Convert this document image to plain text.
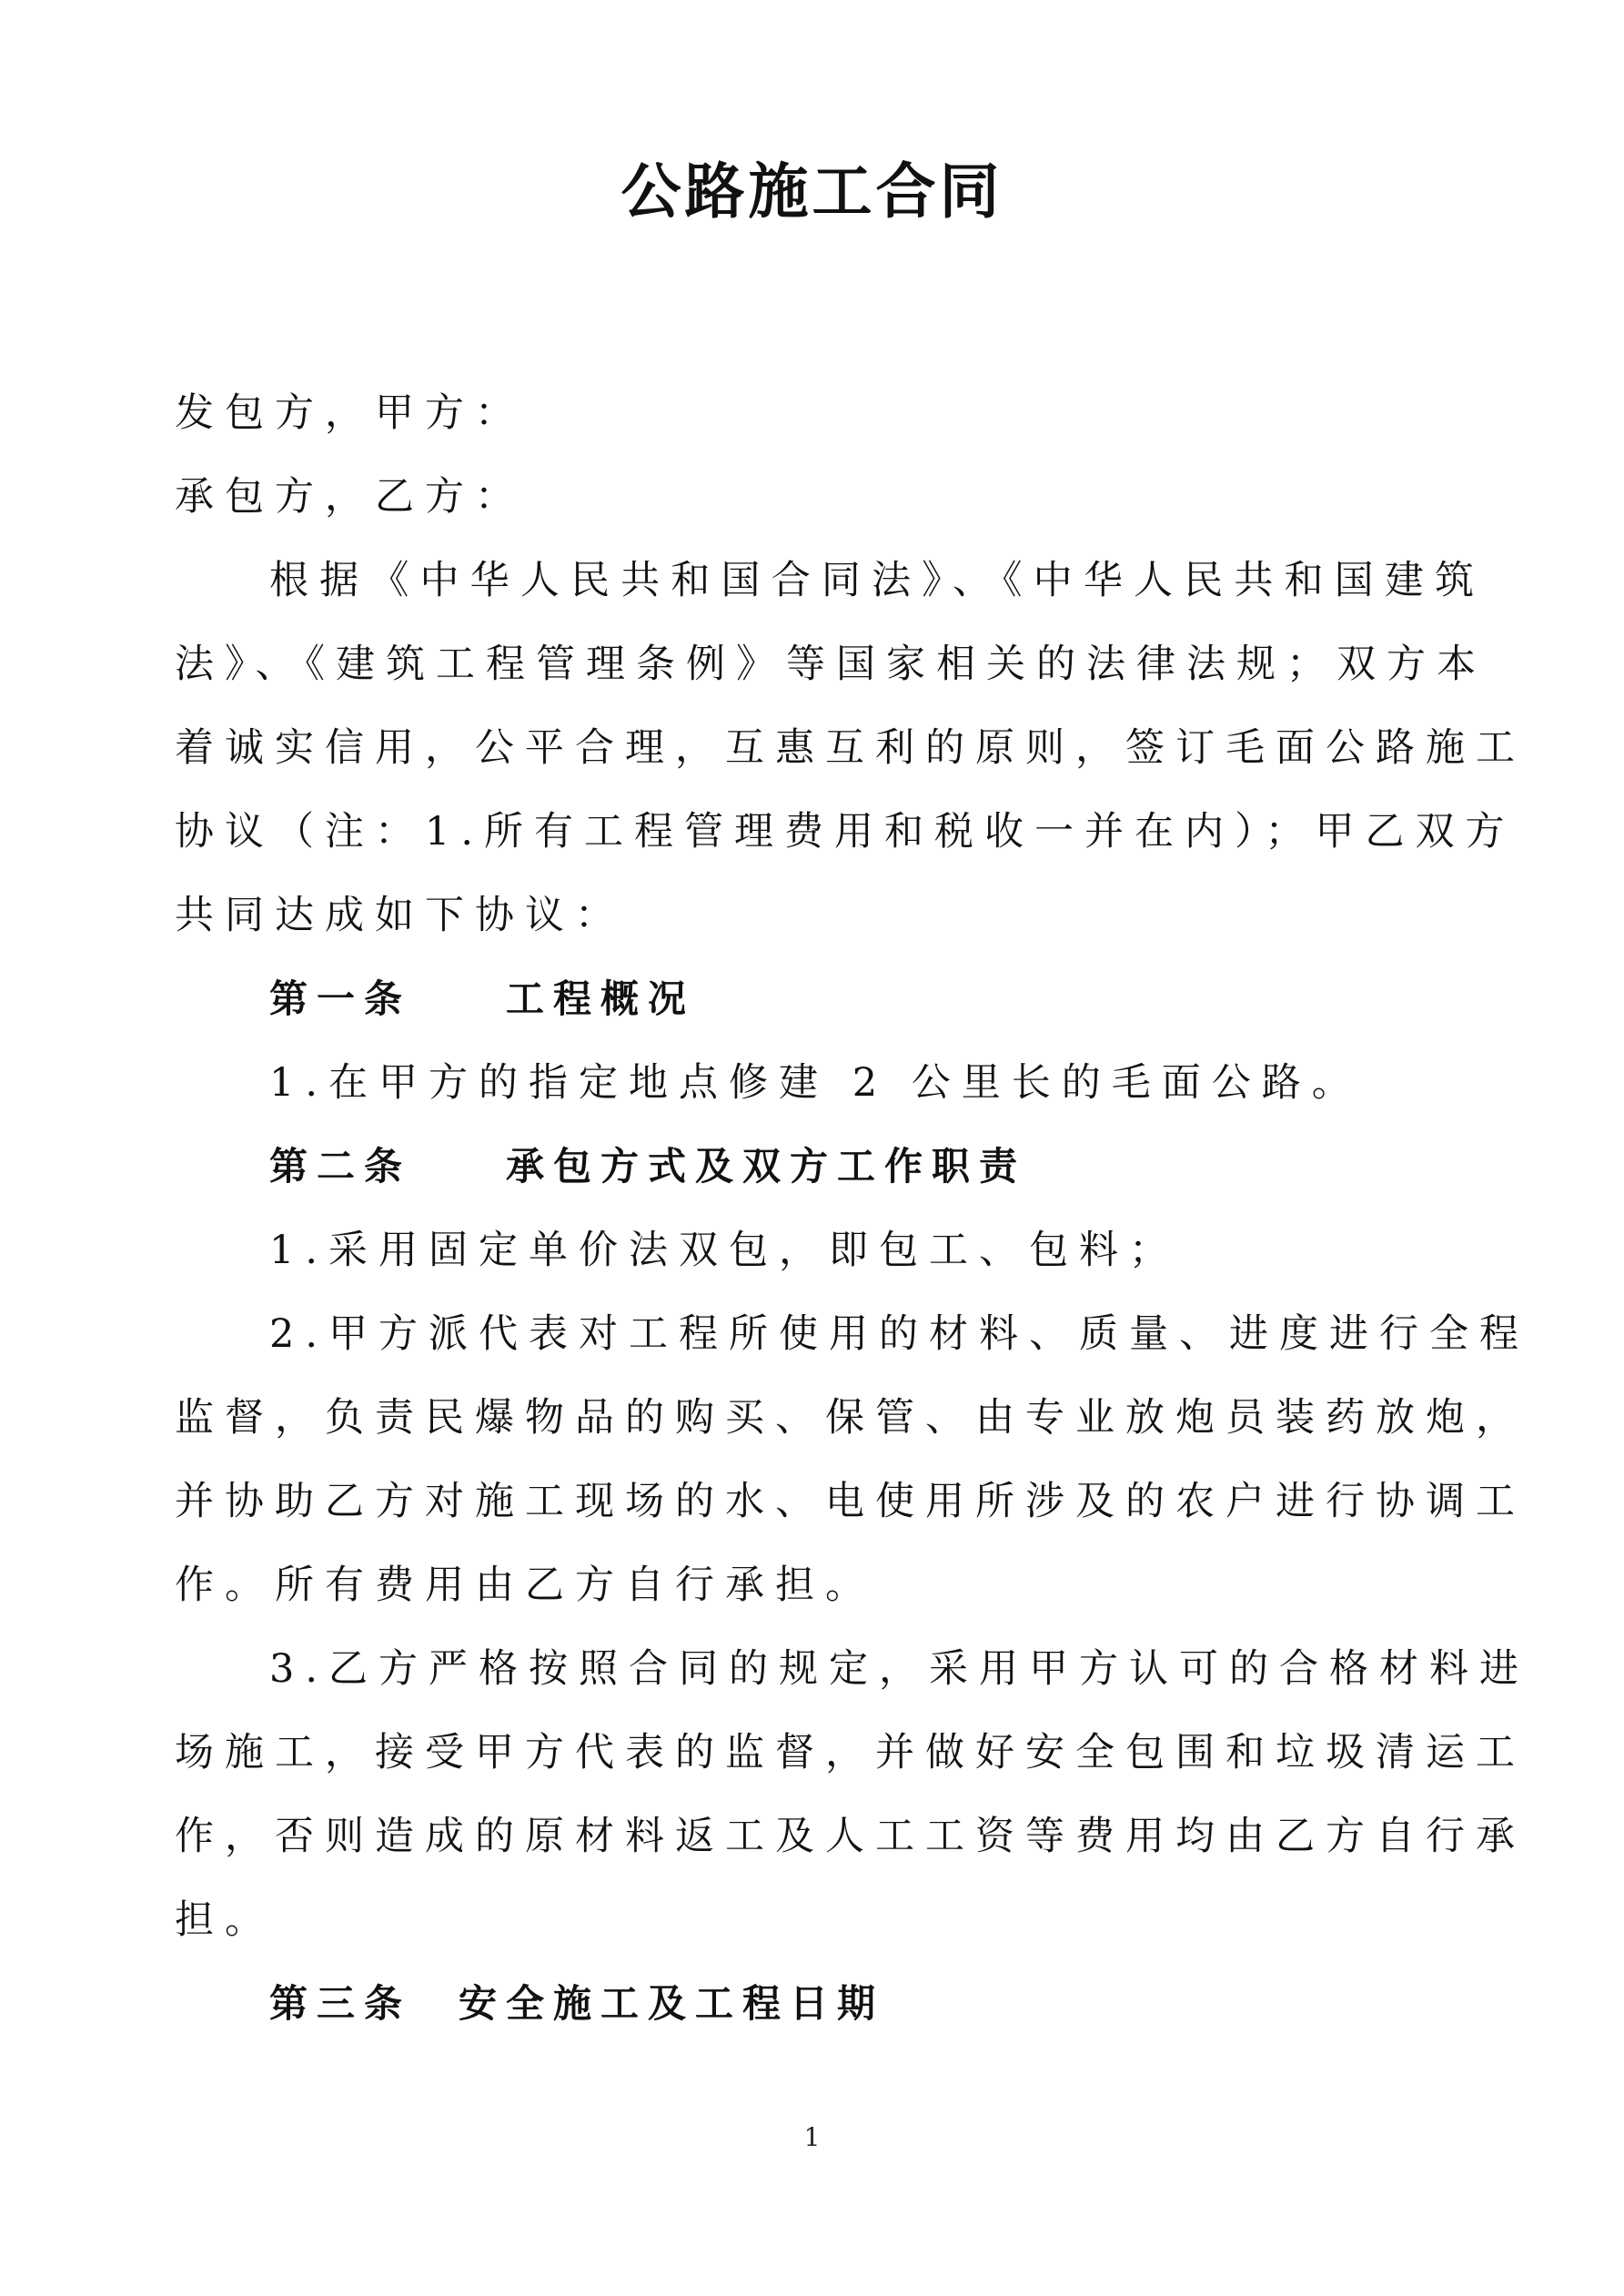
公路施工合同
发包方，甲方：
承包方，乙方：
根据《中华人民共和国合同法》、《中华人民共和国建筑
法》、《建筑工程管理条例》等国家相关的法律法规；双方本
着诚实信用，公平合理，互惠互利的原则，签订毛面公路施工
协议（注：1.所有工程管理费用和税收一并在内）；甲乙双方
共同达成如下协议：
第一条　　工程概况
1.在甲方的指定地点修建 2 公里长的毛面公路。
第二条　　承包方式及双方工作职责
1.采用固定单价法双包，即包工、包料；
2.甲方派代表对工程所使用的材料、质量、进度进行全程
监督，负责民爆物品的购买、保管、由专业放炮员装药放炮，
并协助乙方对施工现场的水、电使用所涉及的农户进行协调工
作。所有费用由乙方自行承担。
3.乙方严格按照合同的规定，采用甲方认可的合格材料进
场施工，接受甲方代表的监督，并做好安全包围和垃圾清运工
作，否则造成的原材料返工及人工工资等费用均由乙方自行承
担。
第三条　安全施工及工程日期
1
